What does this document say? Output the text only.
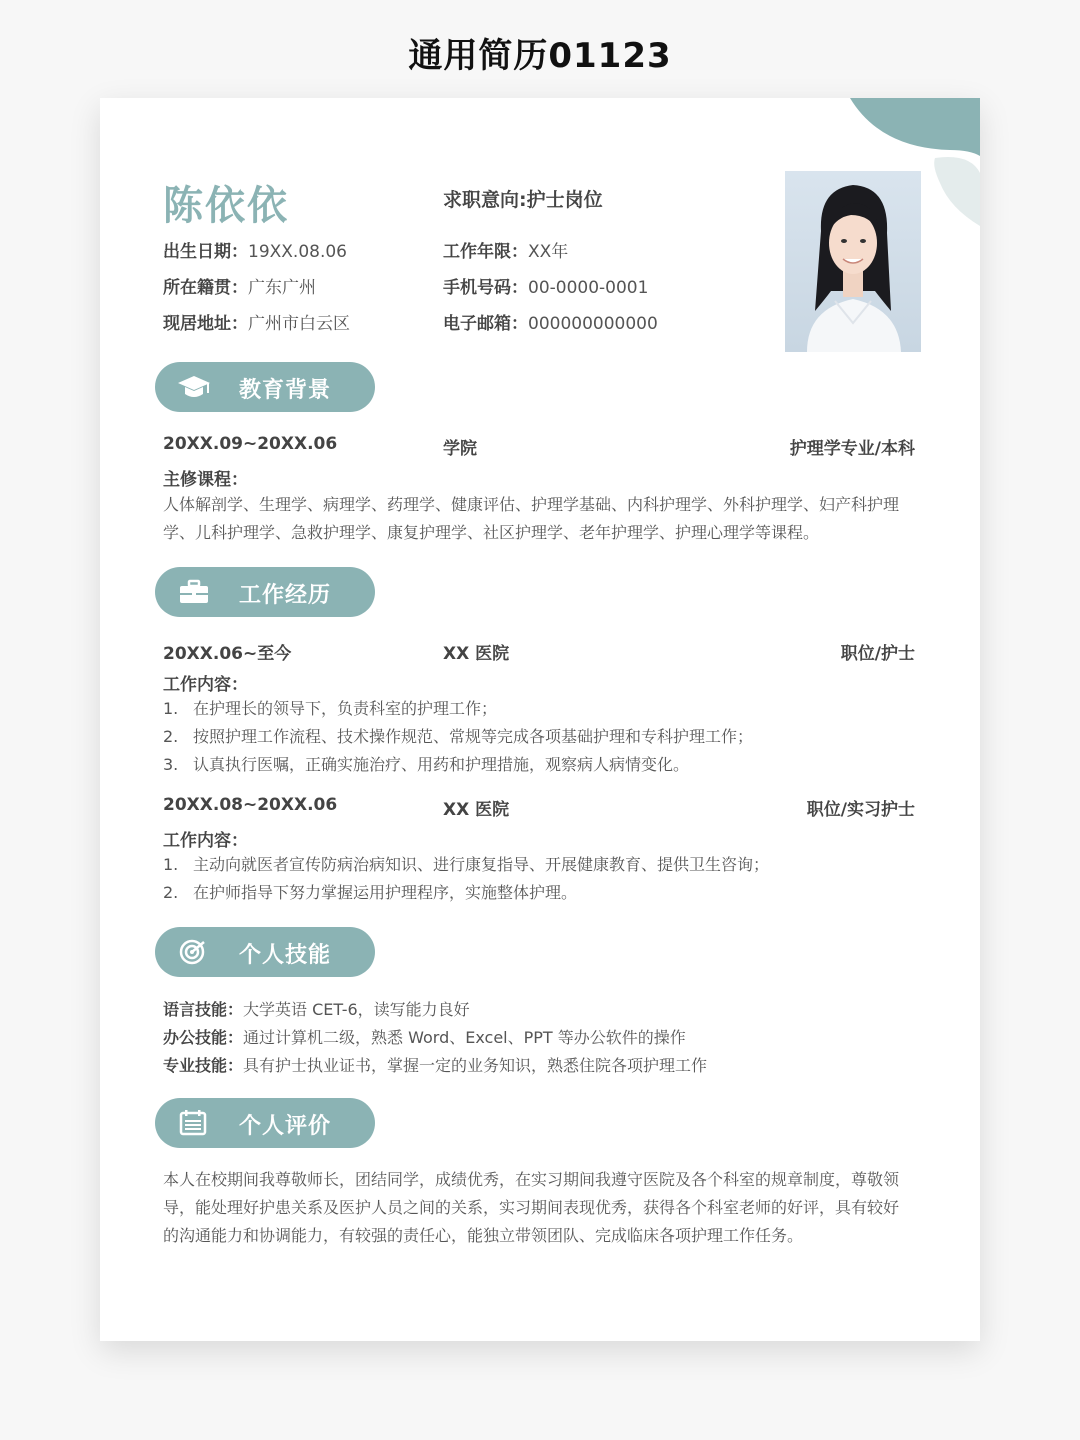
通用简历01123
陈依依	求职意向:护士岗位
出生日期：19XX.08.06
所在籍贯：广东广州
现居地址：广州市白云区
工作年限：XX年
手机号码：00-0000-0001
电子邮箱：000000000000
教育背景
20XX.09~20XX.06	学院	护理学专业/本科
主修课程：
人体解剖学、生理学、病理学、药理学、健康评估、护理学基础、内科护理学、外科护理学、妇产科护理
学、儿科护理学、急救护理学、康复护理学、社区护理学、老年护理学、护理心理学等课程。
工作经历
20XX.06~至今	XX 医院	职位/护士
工作内容：
1. 在护理长的领导下，负责科室的护理工作；
2. 按照护理工作流程、技术操作规范、常规等完成各项基础护理和专科护理工作；
3. 认真执行医嘱，正确实施治疗、用药和护理措施，观察病人病情变化。
20XX.08~20XX.06	XX 医院	职位/实习护士
工作内容：
1. 主动向就医者宣传防病治病知识、进行康复指导、开展健康教育、提供卫生咨询；
2. 在护师指导下努力掌握运用护理程序，实施整体护理。
个人技能
语言技能：大学英语 CET-6，读写能力良好
办公技能：通过计算机二级，熟悉 Word、Excel、PPT 等办公软件的操作
专业技能：具有护士执业证书，掌握一定的业务知识，熟悉住院各项护理工作
个人评价
本人在校期间我尊敬师长，团结同学，成绩优秀，在实习期间我遵守医院及各个科室的规章制度，尊敬领
导，能处理好护患关系及医护人员之间的关系，实习期间表现优秀，获得各个科室老师的好评，具有较好
的沟通能力和协调能力，有较强的责任心，能独立带领团队、完成临床各项护理工作任务。
